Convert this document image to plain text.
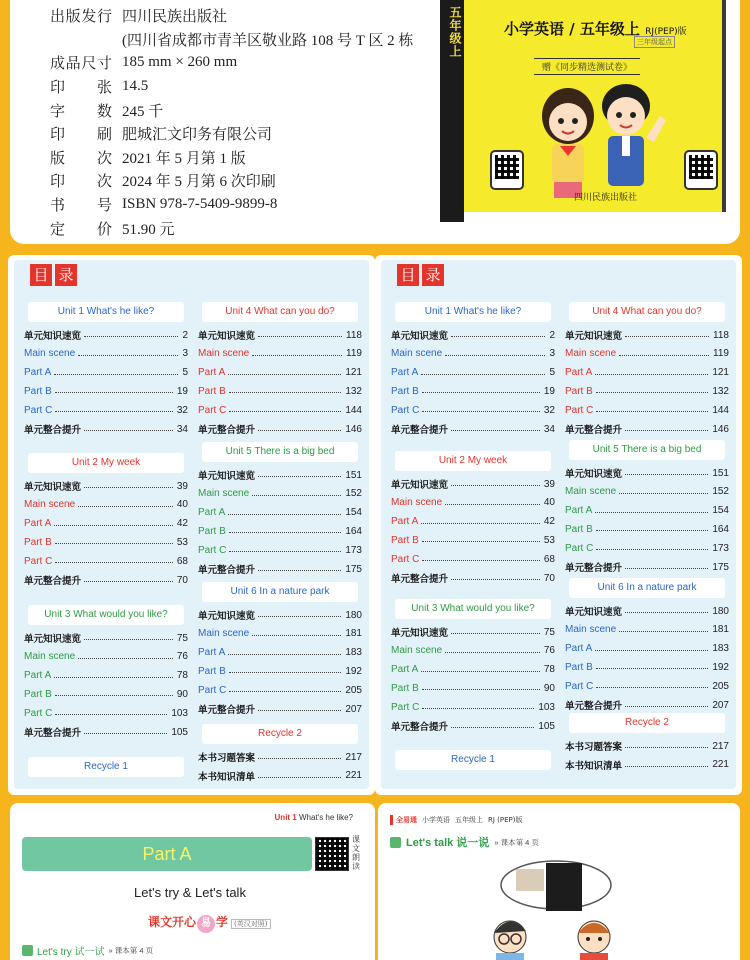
出 版 发 行 四川民族出版社
(四川省成都市青羊区敬业路 108 号 T 区 2 栋
成 品 尺 寸 185 mm × 260 mm
印 张 14.5
字 数 245 千
印 刷 肥城汇文印务有限公司
版 次 2021 年 5 月第 1 版
印 次 2024 年 5 月第 6 次印刷
书 号 ISBN 978-7-5409-9899-8
定 价 51.90 元
五年级上	小学英语 / 五年级上 RJ(PEP)版
三年级起点
赠《同步精选测试卷》
四川民族出版社
目 录
Unit 1 What's he like?
单元知识速览	2
Main scene	3
Part A	5
Part B	19
Part C	32
单元整合提升	34
Unit 2 My week
单元知识速览	39
Main scene	40
Part A	42
Part B	53
Part C	68
单元整合提升	70
Unit 3 What would you like?
单元知识速览	75
Main scene	76
Part A	78
Part B	90
Part C	103
单元整合提升	105
Recycle 1
Unit 4 What can you do?
单元知识速览	118
Main scene	119
Part A	121
Part B	132
Part C	144
单元整合提升	146
Unit 5 There is a big bed
单元知识速览	151
Main scene	152
Part A	154
Part B	164
Part C	173
单元整合提升	175
Unit 6 In a nature park
单元知识速览	180
Main scene	181
Part A	183
Part B	192
Part C	205
单元整合提升	207
Recycle 2
本书习题答案	217
本书知识清单	221
目 录
Unit 1 What's he like?
单元知识速览	2
Main scene	3
Part A	5
Part B	19
Part C	32
单元整合提升	34
Unit 2 My week
单元知识速览	39
Main scene	40
Part A	42
Part B	53
Part C	68
单元整合提升	70
Unit 3 What would you like?
单元知识速览	75
Main scene	76
Part A	78
Part B	90
Part C	103
单元整合提升	105
Recycle 1
Unit 4 What can you do?
单元知识速览	118
Main scene	119
Part A	121
Part B	132
Part C	144
单元整合提升	146
Unit 5 There is a big bed
单元知识速览	151
Main scene	152
Part A	154
Part B	164
Part C	173
单元整合提升	175
Unit 6 In a nature park
单元知识速览	180
Main scene	181
Part A	183
Part B	192
Part C	205
单元整合提升	207
Recycle 2
本书习题答案	217
本书知识清单	221
Unit 1 What's he like?
Part A
课文朗读
Let's try & Let's talk
课文开心 易 学 (英汉对照)
Let's try 试一试 » 课本第 4 页
全易通 小学英语 五年级上 RJ (PEP)版
Let's talk 说一说 » 课本第 4 页
